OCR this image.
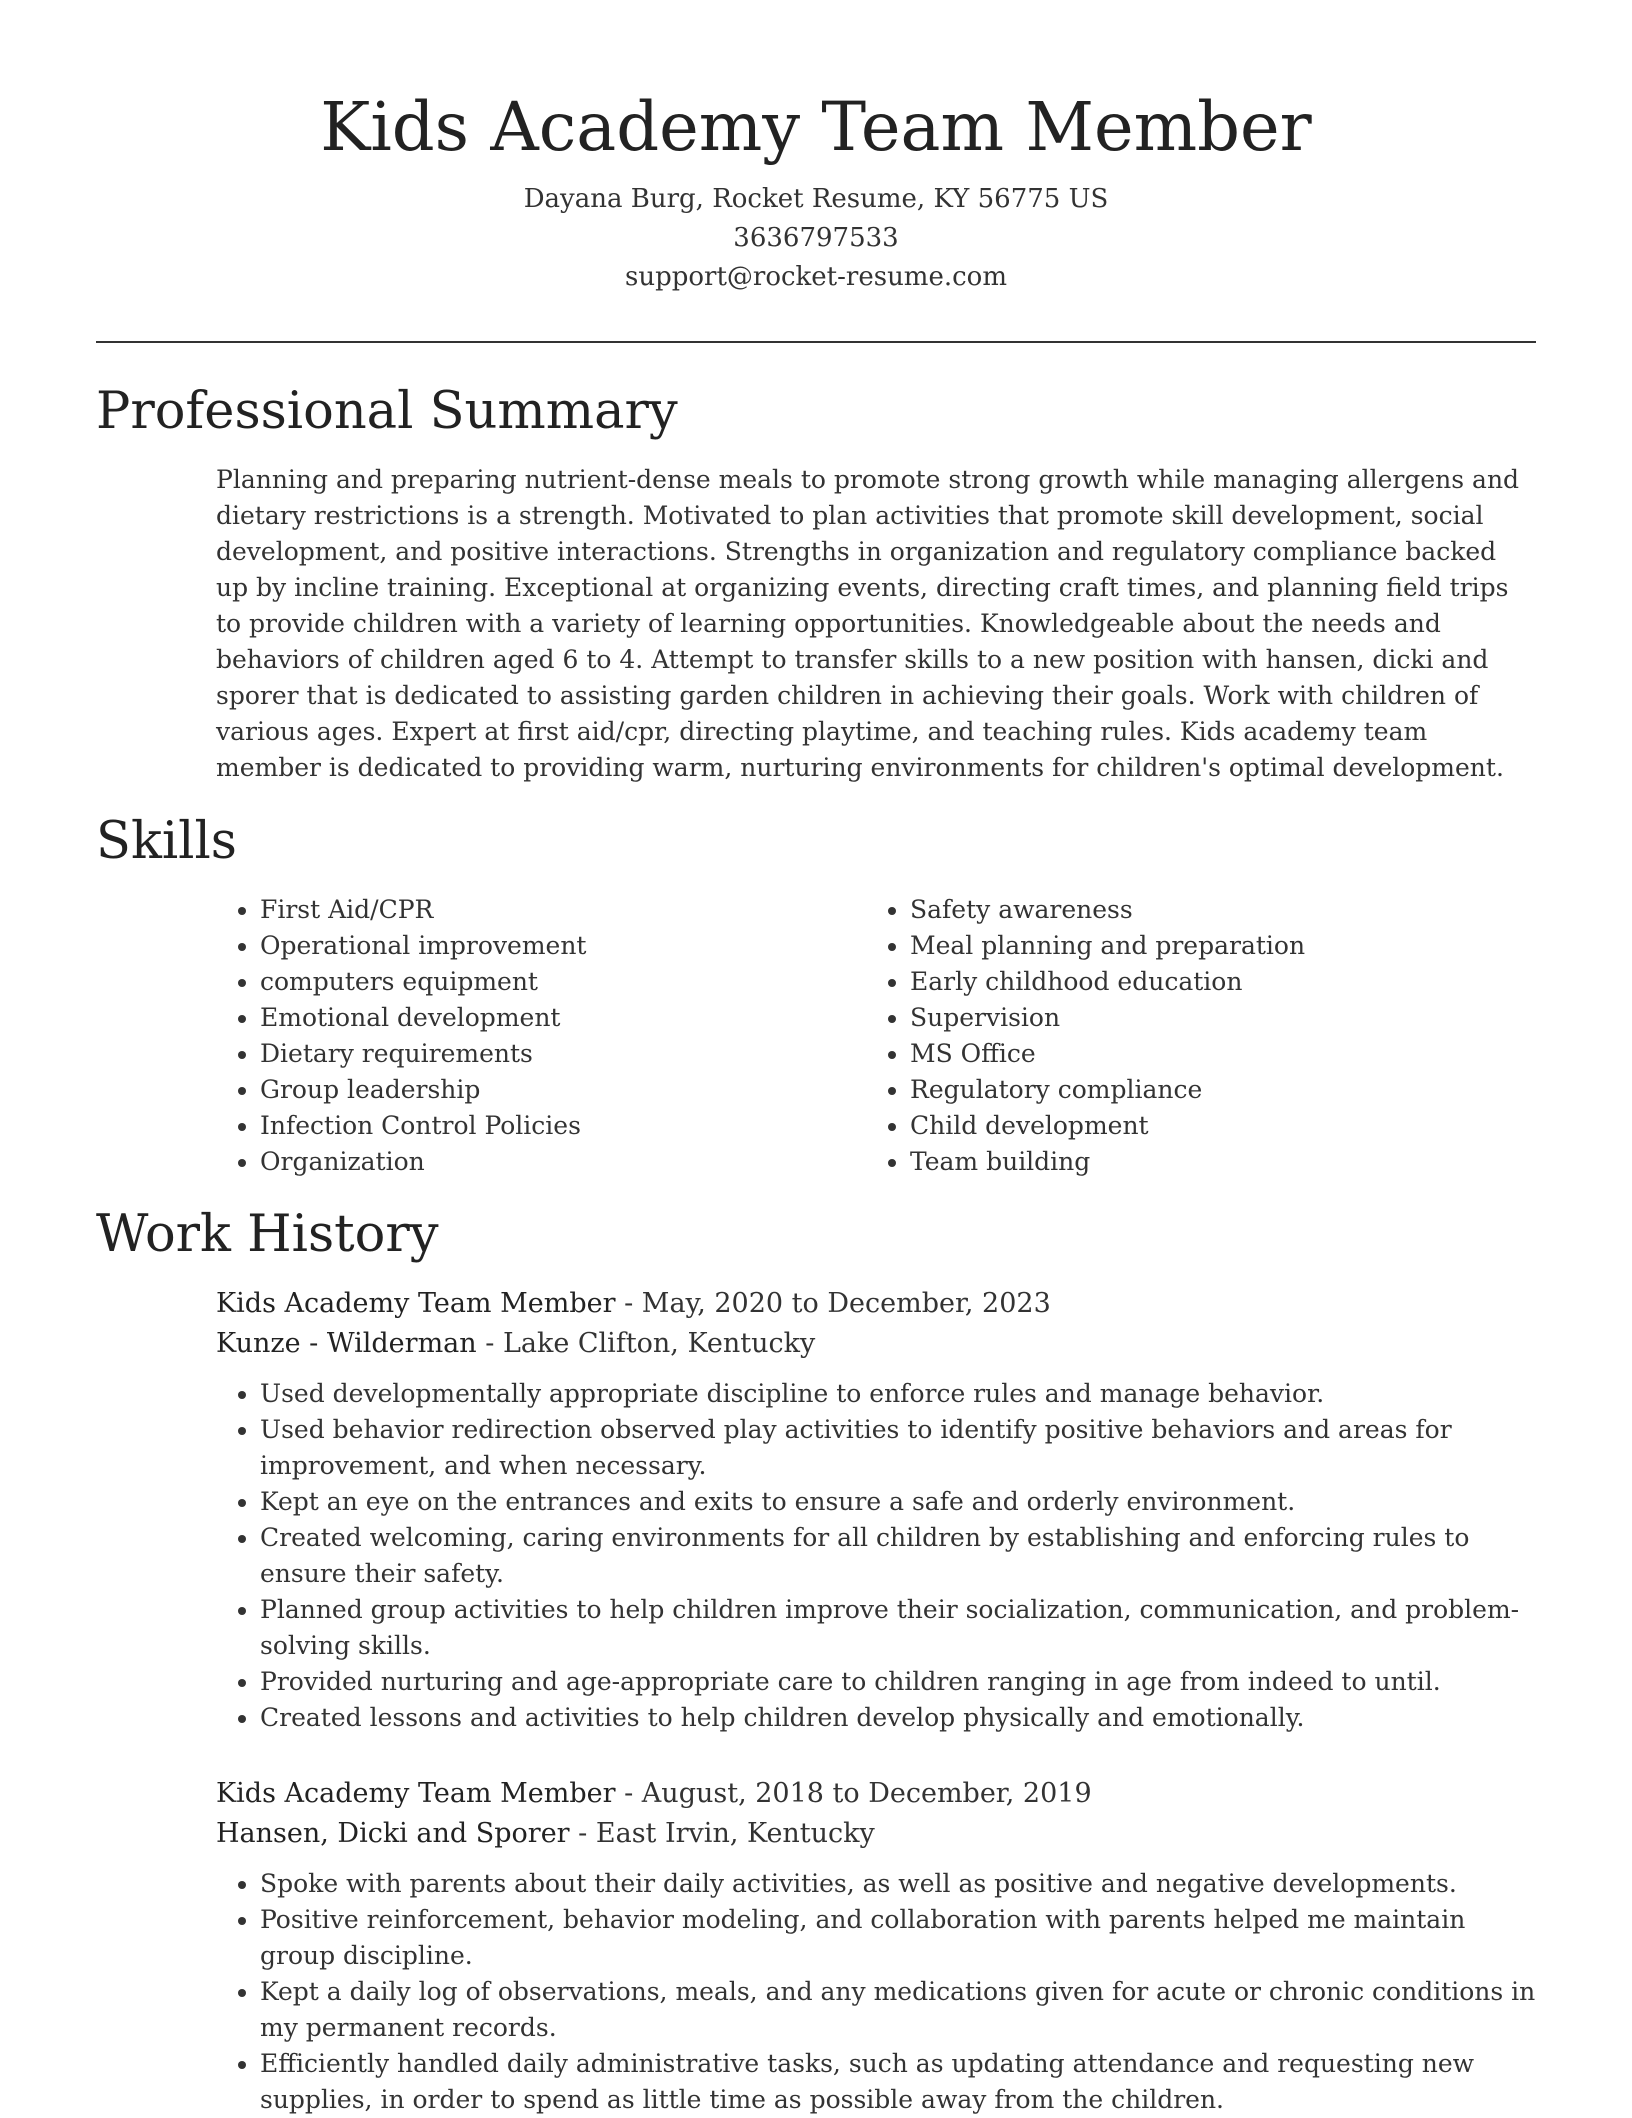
Kids Academy Team Member
Dayana Burg, Rocket Resume, KY 56775 US
3636797533
support@rocket-resume.com
Professional Summary

Planning and preparing nutrient-dense meals to promote strong growth while managing allergens and dietary restrictions is a strength. Motivated to plan activities that promote skill development, social development, and positive interactions. Strengths in organization and regulatory compliance backed up by incline training. Exceptional at organizing events, directing craft times, and planning field trips to provide children with a variety of learning opportunities. Knowledgeable about the needs and behaviors of children aged 6 to 4. Attempt to transfer skills to a new position with hansen, dicki and sporer that is dedicated to assisting garden children in achieving their goals. Work with children of various ages. Expert at first aid/cpr, directing playtime, and teaching rules. Kids academy team member is dedicated to providing warm, nurturing environments for children's optimal development.

Skills
• First Aid/CPR
• Operational improvement
• computers equipment
• Emotional development
• Dietary requirements
• Group leadership
• Infection Control Policies
• Organization
• Safety awareness
• Meal planning and preparation
• Early childhood education
• Supervision
• MS Office
• Regulatory compliance
• Child development
• Team building
Work History
Kids Academy Team Member - May, 2020 to December, 2023
Kunze - Wilderman - Lake Clifton, Kentucky
• Used developmentally appropriate discipline to enforce rules and manage behavior.
• Used behavior redirection observed play activities to identify positive behaviors and areas for improvement, and when necessary.
• Kept an eye on the entrances and exits to ensure a safe and orderly environment.
• Created welcoming, caring environments for all children by establishing and enforcing rules to ensure their safety.
• Planned group activities to help children improve their socialization, communication, and problem-solving skills.
• Provided nurturing and age-appropriate care to children ranging in age from indeed to until.
• Created lessons and activities to help children develop physically and emotionally.
Kids Academy Team Member - August, 2018 to December, 2019
Hansen, Dicki and Sporer - East Irvin, Kentucky
• Spoke with parents about their daily activities, as well as positive and negative developments.
• Positive reinforcement, behavior modeling, and collaboration with parents helped me maintain group discipline.
• Kept a daily log of observations, meals, and any medications given for acute or chronic conditions in my permanent records.
• Efficiently handled daily administrative tasks, such as updating attendance and requesting new supplies, in order to spend as little time as possible away from the children.
